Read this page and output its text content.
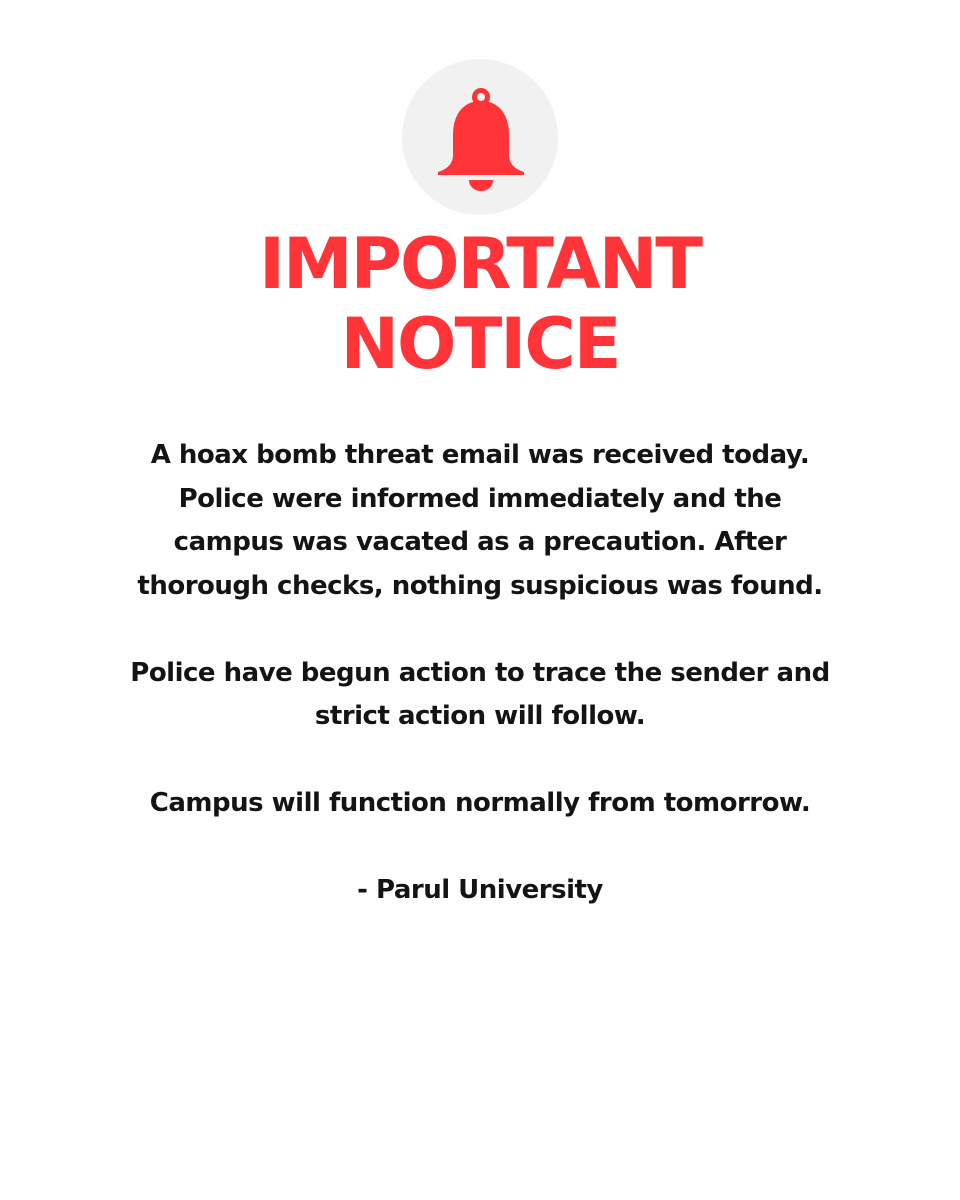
IMPORTANT
NOTICE

A hoax bomb threat email was received today. Police were informed immediately and the campus was vacated as a precaution. After thorough checks, nothing suspicious was found.

Police have begun action to trace the sender and strict action will follow.

Campus will function normally from tomorrow.

- Parul University
